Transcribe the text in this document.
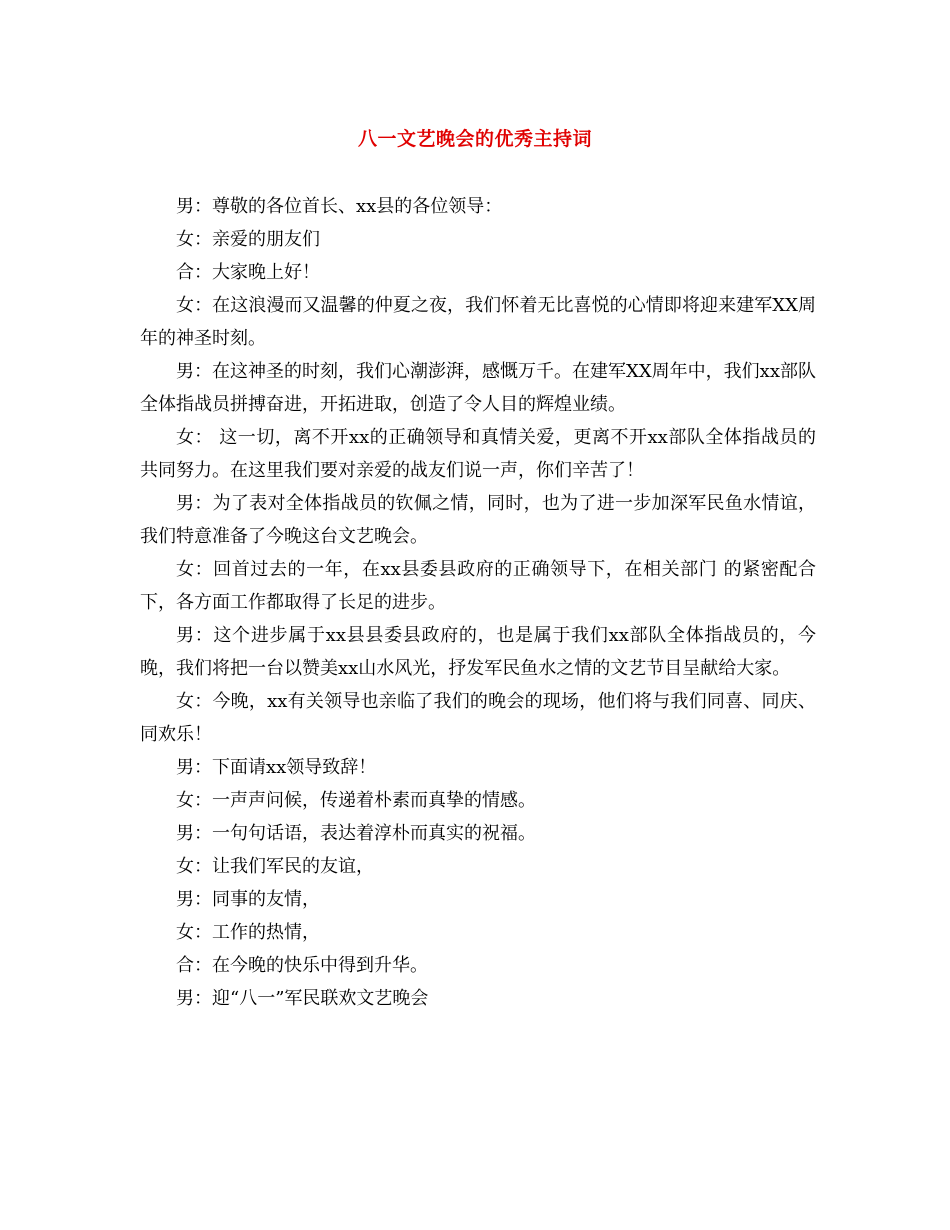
八一文艺晚会的优秀主持词

男：尊敬的各位首长、xx县的各位领导：

女：亲爱的朋友们

合：大家晚上好！

女：在这浪漫而又温馨的仲夏之夜，我们怀着无比喜悦的心情即将迎来建军XX周年的神圣时刻。

男：在这神圣的时刻，我们心潮澎湃，感慨万千。在建军XX周年中，我们xx部队全体指战员拼搏奋进，开拓进取，创造了令人目的辉煌业绩。

女： 这一切，离不开xx的正确领导和真情关爱，更离不开xx部队全体指战员的共同努力。在这里我们要对亲爱的战友们说一声，你们辛苦了！

男：为了表对全体指战员的钦佩之情，同时，也为了进一步加深军民鱼水情谊，我们特意准备了今晚这台文艺晚会。

女：回首过去的一年，在xx县委县政府的正确领导下，在相关部门 的紧密配合下，各方面工作都取得了长足的进步。

男：这个进步属于xx县县委县政府的，也是属于我们xx部队全体指战员的，今晚，我们将把一台以赞美xx山水风光，抒发军民鱼水之情的文艺节目呈献给大家。

女：今晚，xx有关领导也亲临了我们的晚会的现场，他们将与我们同喜、同庆、同欢乐！

男：下面请xx领导致辞！

女：一声声问候，传递着朴素而真挚的情感。

男：一句句话语，表达着淳朴而真实的祝福。

女：让我们军民的友谊，

男：同事的友情，

女：工作的热情，

合：在今晚的快乐中得到升华。

男：迎“八一”军民联欢文艺晚会
